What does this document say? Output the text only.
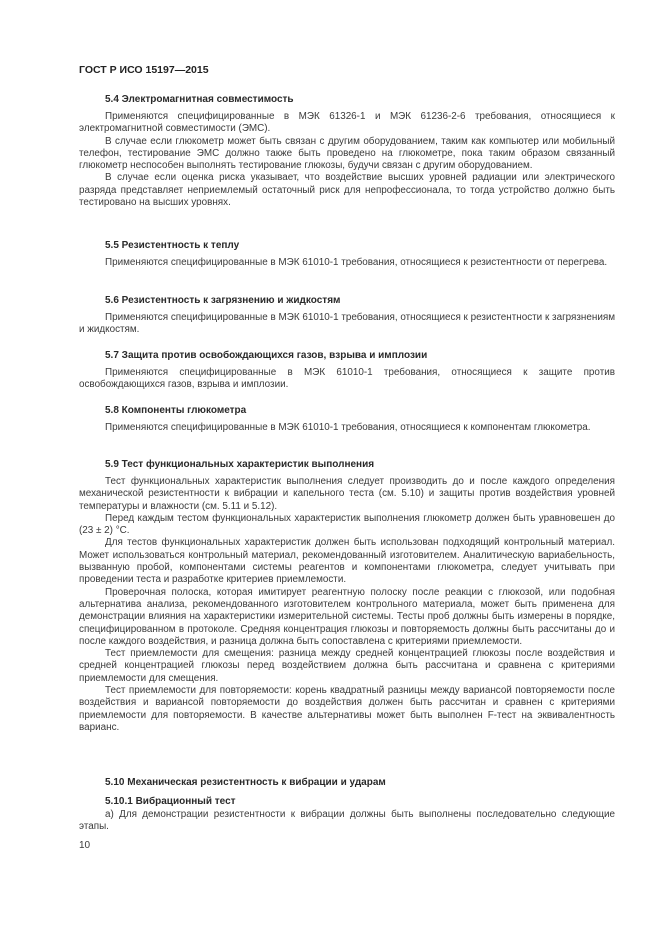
ГОСТ Р ИСО 15197—2015
5.4 Электромагнитная совместимость

Применяются специфицированные в МЭК 61326-1 и МЭК 61236-2-6 требования, относящиеся к электромагнитной совместимости (ЭМС).

В случае если глюкометр может быть связан с другим оборудованием, таким как компьютер или мобильный телефон, тестирование ЭМС должно также быть проведено на глюкометре, пока таким образом связанный глюкометр неспособен выполнять тестирование глюкозы, будучи связан с другим оборудованием.

В случае если оценка риска указывает, что воздействие высших уровней радиации или электрического разряда представляет неприемлемый остаточный риск для непрофессионала, то тогда устройство должно быть тестировано на высших уровнях.

5.5 Резистентность к теплу

Применяются специфицированные в МЭК 61010-1 требования, относящиеся к резистентности от перегрева.

5.6 Резистентность к загрязнению и жидкостям

Применяются специфицированные в МЭК 61010-1 требования, относящиеся к резистентности к загрязнениям и жидкостям.

5.7 Защита против освобождающихся газов, взрыва и имплозии

Применяются специфицированные в МЭК 61010-1 требования, относящиеся к защите против освобождающихся газов, взрыва и имплозии.

5.8 Компоненты глюкометра

Применяются специфицированные в МЭК 61010-1 требования, относящиеся к компонентам глюкометра.

5.9 Тест функциональных характеристик выполнения

Тест функциональных характеристик выполнения следует производить до и после каждого определения механической резистентности к вибрации и капельного теста (см. 5.10) и защиты против воздействия уровней температуры и влажности (см. 5.11 и 5.12).

Перед каждым тестом функциональных характеристик выполнения глюкометр должен быть уравновешен до (23 ± 2) °C.

Для тестов функциональных характеристик должен быть использован подходящий контрольный материал. Может использоваться контрольный материал, рекомендованный изготовителем. Аналитическую вариабельность, вызванную пробой, компонентами системы реагентов и компонентами глюкометра, следует учитывать при проведении теста и разработке критериев приемлемости.

Проверочная полоска, которая имитирует реагентную полоску после реакции с глюкозой, или подобная альтернатива анализа, рекомендованного изготовителем контрольного материала, может быть применена для демонстрации влияния на характеристики измерительной системы. Тесты проб должны быть измерены в порядке, специфицированном в протоколе. Средняя концентрация глюкозы и повторяемость должны быть рассчитаны до и после каждого воздействия, и разница должна быть сопоставлена с критериями приемлемости.

Тест приемлемости для смещения: разница между средней концентрацией глюкозы после воздействия и средней концентрацией глюкозы перед воздействием должна быть рассчитана и сравнена с критериями приемлемости для смещения.

Тест приемлемости для повторяемости: корень квадратный разницы между вариансой повторяемости после воздействия и вариансой повторяемости до воздействия должен быть рассчитан и сравнен с критериями приемлемости для повторяемости. В качестве альтернативы может быть выполнен F-тест на эквивалентность варианс.

5.10 Механическая резистентность к вибрации и ударам
5.10.1 Вибрационный тест

а) Для демонстрации резистентности к вибрации должны быть выполнены последовательно следующие этапы.

10
